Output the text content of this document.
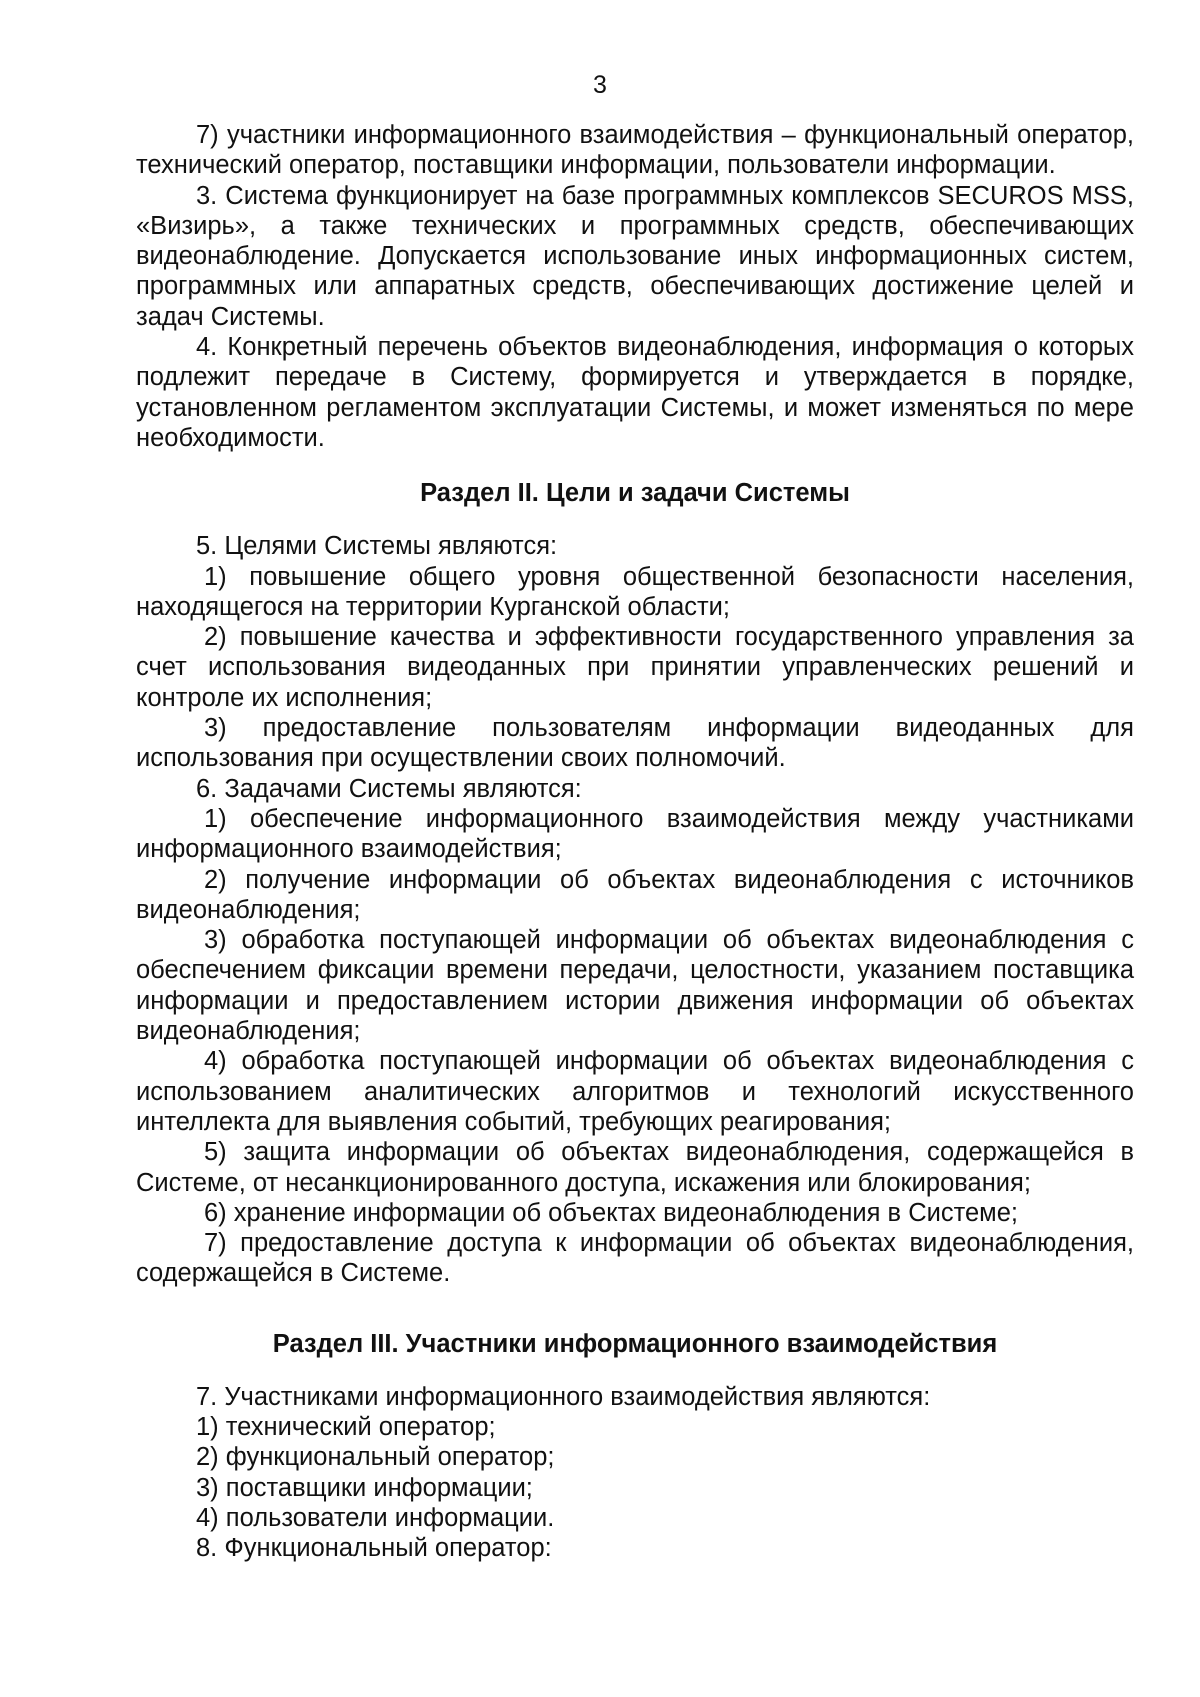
3

7) участники информационного взаимодействия – функциональный оператор, технический оператор, поставщики информации, пользователи информации.

3. Система функционирует на базе программных комплексов SECUROS MSS, «Визирь», а также технических и программных средств, обеспечивающих видеонаблюдение. Допускается использование иных информационных систем, программных или аппаратных средств, обеспечивающих достижение целей и задач Системы.

4. Конкретный перечень объектов видеонаблюдения, информация о которых подлежит передаче в Систему, формируется и утверждается в порядке, установленном регламентом эксплуатации Системы, и может изменяться по мере необходимости.

Раздел II. Цели и задачи Системы

5. Целями Системы являются:

1) повышение общего уровня общественной безопасности населения, находящегося на территории Курганской области;

2) повышение качества и эффективности государственного управления за счет использования видеоданных при принятии управленческих решений и контроле их исполнения;

3) предоставление пользователям информации видеоданных для использования при осуществлении своих полномочий.

6. Задачами Системы являются:

1) обеспечение информационного взаимодействия между участниками информационного взаимодействия;

2) получение информации об объектах видеонаблюдения с источников видеонаблюдения;

3) обработка поступающей информации об объектах видеонаблюдения с обеспечением фиксации времени передачи, целостности, указанием поставщика информации и предоставлением истории движения информации об объектах видеонаблюдения;

4) обработка поступающей информации об объектах видеонаблюдения с использованием аналитических алгоритмов и технологий искусственного интеллекта для выявления событий, требующих реагирования;

5) защита информации об объектах видеонаблюдения, содержащейся в Системе, от несанкционированного доступа, искажения или блокирования;

6) хранение информации об объектах видеонаблюдения в Системе;

7) предоставление доступа к информации об объектах видеонаблюдения, содержащейся в Системе.

Раздел III. Участники информационного взаимодействия

7. Участниками информационного взаимодействия являются:

1) технический оператор;

2) функциональный оператор;

3) поставщики информации;

4) пользователи информации.

8. Функциональный оператор:
